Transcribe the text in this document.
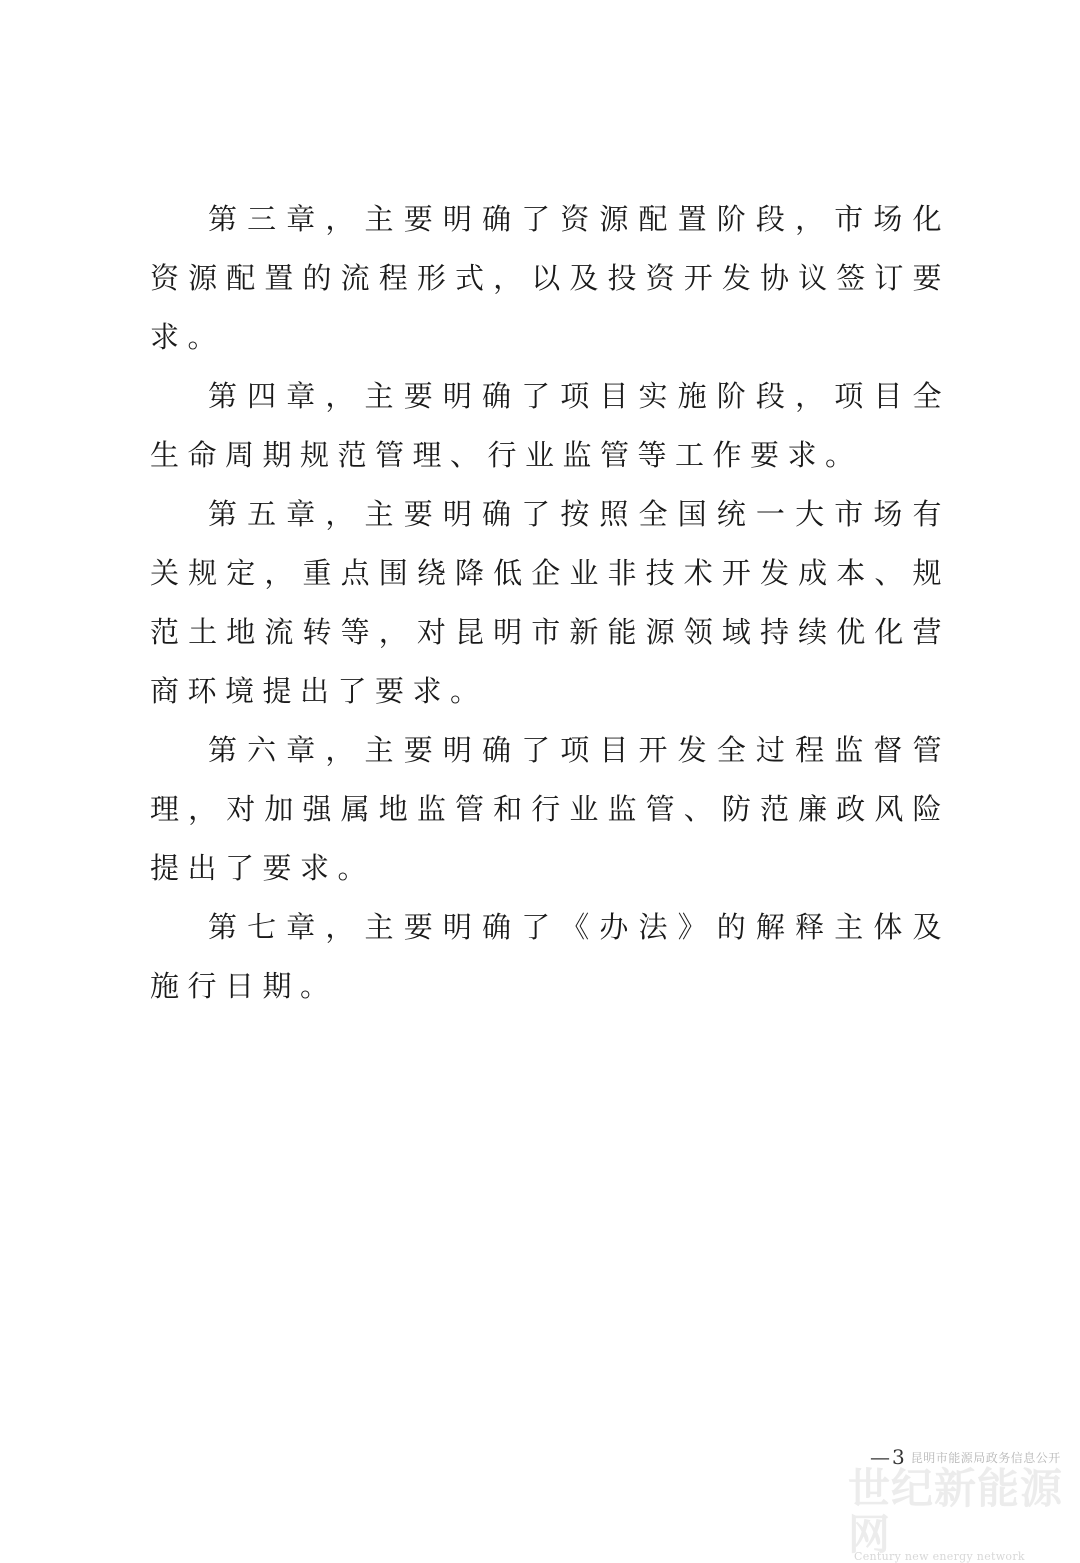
第三章，主要明确了资源配置阶段，市场化资源配置的流程形式，以及投资开发协议签订要求。

第四章，主要明确了项目实施阶段，项目全生命周期规范管理、行业监管等工作要求。

第五章，主要明确了按照全国统一大市场有关规定，重点围绕降低企业非技术开发成本、规范土地流转等，对昆明市新能源领域持续优化营商环境提出了要求。

第六章，主要明确了项目开发全过程监督管理，对加强属地监管和行业监管、防范廉政风险提出了要求。

第七章，主要明确了《办法》的解释主体及施行日期。

— 3 昆明市能源局政务信息公开
世纪新能源网
Century new energy network
